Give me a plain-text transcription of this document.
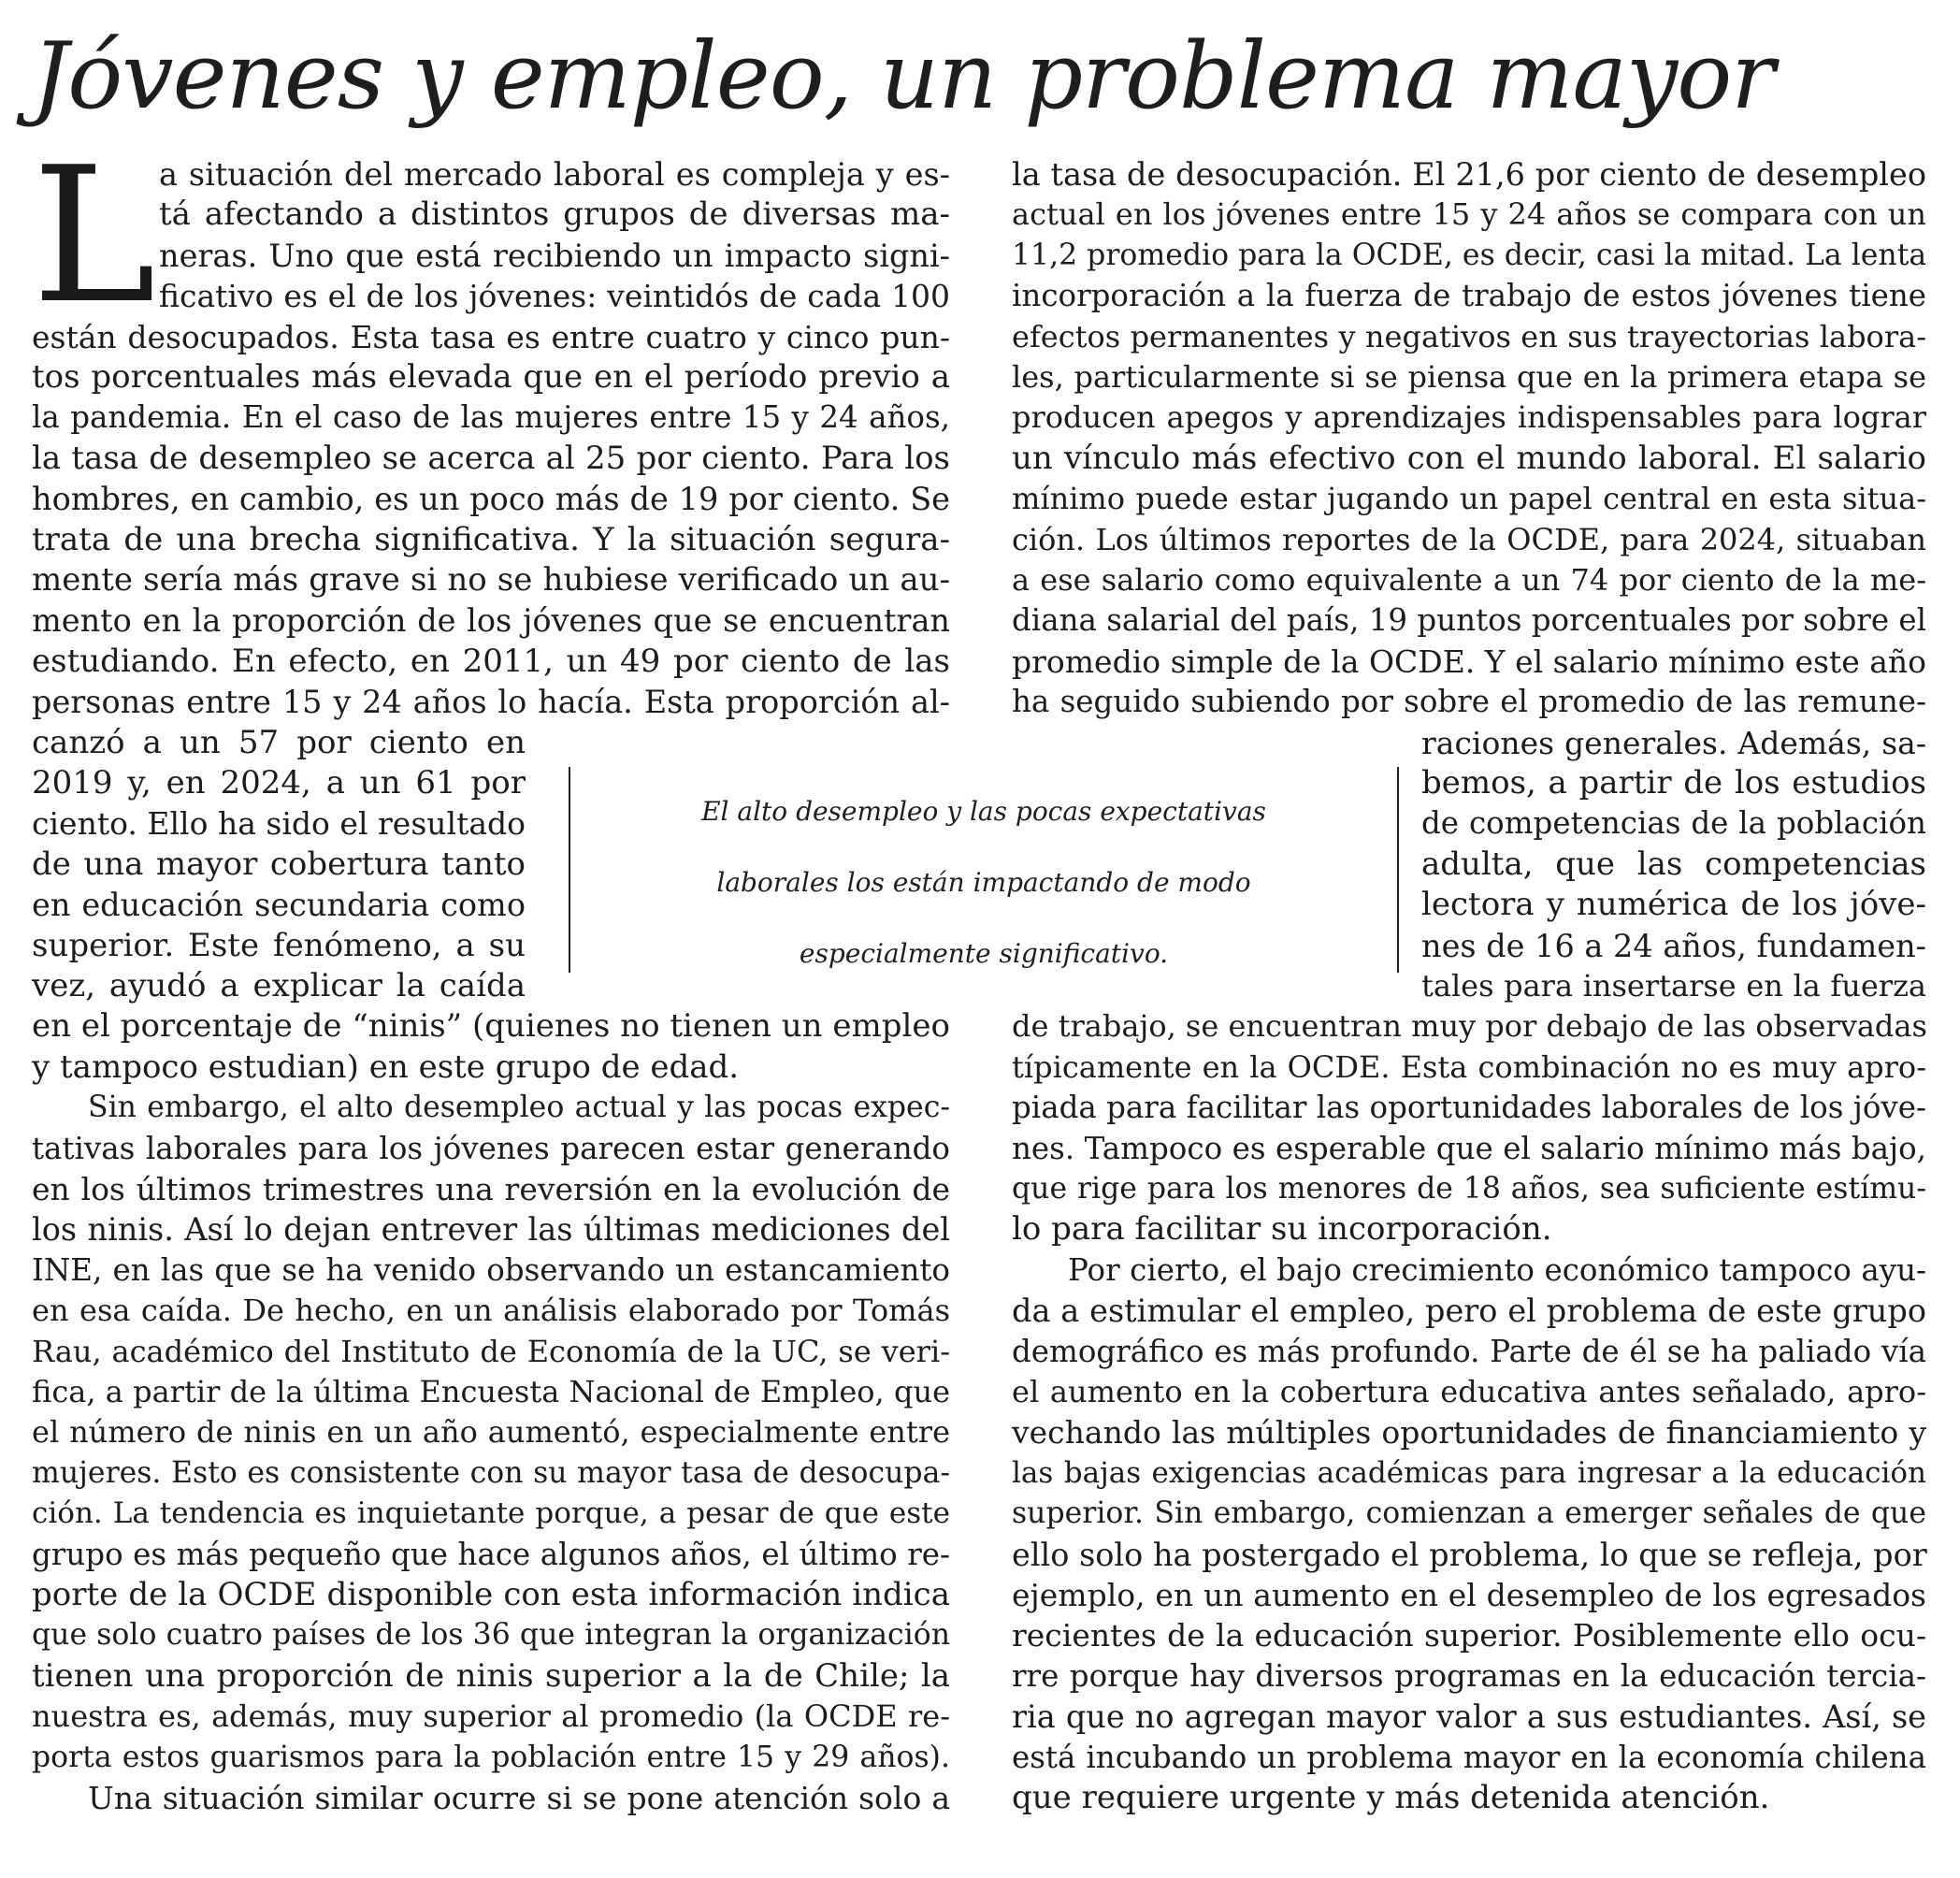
Jóvenes y empleo, un problema mayor
L a situación del mercado laboral es compleja y es-

tá afectando a distintos grupos de diversas ma-

neras. Uno que está recibiendo un impacto signi-

ficativo es el de los jóvenes: veintidós de cada 100

están desocupados. Esta tasa es entre cuatro y cinco pun-

tos porcentuales más elevada que en el período previo a

la pandemia. En el caso de las mujeres entre 15 y 24 años,

la tasa de desempleo se acerca al 25 por ciento. Para los

hombres, en cambio, es un poco más de 19 por ciento. Se

trata de una brecha significativa. Y la situación segura-

mente sería más grave si no se hubiese verificado un au-

mento en la proporción de los jóvenes que se encuentran

estudiando. En efecto, en 2011, un 49 por ciento de las

personas entre 15 y 24 años lo hacía. Esta proporción al-

canzó a un 57 por ciento en

2019 y, en 2024, a un 61 por

ciento. Ello ha sido el resultado

de una mayor cobertura tanto

en educación secundaria como

superior. Este fenómeno, a su

vez, ayudó a explicar la caída

en el porcentaje de “ninis” (quienes no tienen un empleo

y tampoco estudian) en este grupo de edad.

Sin embargo, el alto desempleo actual y las pocas expec-

tativas laborales para los jóvenes parecen estar generando

en los últimos trimestres una reversión en la evolución de

los ninis. Así lo dejan entrever las últimas mediciones del

INE, en las que se ha venido observando un estancamiento

en esa caída. De hecho, en un análisis elaborado por Tomás

Rau, académico del Instituto de Economía de la UC, se veri-

fica, a partir de la última Encuesta Nacional de Empleo, que

el número de ninis en un año aumentó, especialmente entre

mujeres. Esto es consistente con su mayor tasa de desocupa-

ción. La tendencia es inquietante porque, a pesar de que este

grupo es más pequeño que hace algunos años, el último re-

porte de la OCDE disponible con esta información indica

que solo cuatro países de los 36 que integran la organización

tienen una proporción de ninis superior a la de Chile; la

nuestra es, además, muy superior al promedio (la OCDE re-

porta estos guarismos para la población entre 15 y 29 años).

Una situación similar ocurre si se pone atención solo a

El alto desempleo y las pocas expectativas

laborales los están impactando de modo

especialmente significativo.

la tasa de desocupación. El 21,6 por ciento de desempleo

actual en los jóvenes entre 15 y 24 años se compara con un

11,2 promedio para la OCDE, es decir, casi la mitad. La lenta

incorporación a la fuerza de trabajo de estos jóvenes tiene

efectos permanentes y negativos en sus trayectorias labora-

les, particularmente si se piensa que en la primera etapa se

producen apegos y aprendizajes indispensables para lograr

un vínculo más efectivo con el mundo laboral. El salario

mínimo puede estar jugando un papel central en esta situa-

ción. Los últimos reportes de la OCDE, para 2024, situaban

a ese salario como equivalente a un 74 por ciento de la me-

diana salarial del país, 19 puntos porcentuales por sobre el

promedio simple de la OCDE. Y el salario mínimo este año

ha seguido subiendo por sobre el promedio de las remune-

raciones generales. Además, sa-

bemos, a partir de los estudios

de competencias de la población

adulta, que las competencias

lectora y numérica de los jóve-

nes de 16 a 24 años, fundamen-

tales para insertarse en la fuerza

de trabajo, se encuentran muy por debajo de las observadas

típicamente en la OCDE. Esta combinación no es muy apro-

piada para facilitar las oportunidades laborales de los jóve-

nes. Tampoco es esperable que el salario mínimo más bajo,

que rige para los menores de 18 años, sea suficiente estímu-

lo para facilitar su incorporación.

Por cierto, el bajo crecimiento económico tampoco ayu-

da a estimular el empleo, pero el problema de este grupo

demográfico es más profundo. Parte de él se ha paliado vía

el aumento en la cobertura educativa antes señalado, apro-

vechando las múltiples oportunidades de financiamiento y

las bajas exigencias académicas para ingresar a la educación

superior. Sin embargo, comienzan a emerger señales de que

ello solo ha postergado el problema, lo que se refleja, por

ejemplo, en un aumento en el desempleo de los egresados

recientes de la educación superior. Posiblemente ello ocu-

rre porque hay diversos programas en la educación tercia-

ria que no agregan mayor valor a sus estudiantes. Así, se

está incubando un problema mayor en la economía chilena

que requiere urgente y más detenida atención.
